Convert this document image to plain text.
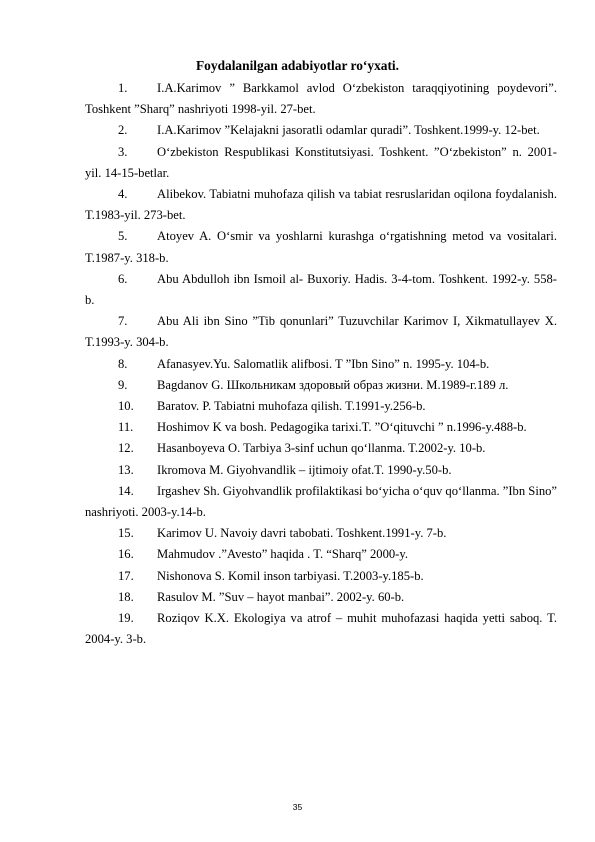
Foydalanilgan adabiyotlar ro‘yxati.
1. I.A.Karimov ” Barkkamol avlod O‘zbekiston taraqqiyotining poydevori”. Toshkent ”Sharq” nashriyoti 1998-yil. 27-bet.
2. I.A.Karimov ”Kelajakni jasoratli odamlar quradi”. Toshkent.1999-y. 12-bet.
3. O‘zbekiston Respublikasi Konstitutsiyasi. Toshkent. ”O‘zbekiston” n. 2001-yil. 14-15-betlar.
4. Alibekov. Tabiatni muhofaza qilish va tabiat resruslaridan oqilona foydalanish. T.1983-yil. 273-bet.
5. Atoyev A. O‘smir va yoshlarni kurashga o‘rgatishning metod va vositalari. T.1987-y. 318-b.
6. Abu Abdulloh ibn Ismoil al- Buxoriy. Hadis. 3-4-tom. Toshkent. 1992-y. 558-b.
7. Abu Ali ibn Sino ”Tib qonunlari” Tuzuvchilar Karimov I, Xikmatullayev X. T.1993-y. 304-b.
8. Afanasyev.Yu. Salomatlik alifbosi. T ”Ibn Sino” n. 1995-y. 104-b.
9. Bagdanov G. Школьникам здоровый образ жизни. M.1989-г.189 л.
10. Baratov. P. Tabiatni muhofaza qilish. T.1991-y.256-b.
11. Hoshimov K va bosh. Pedagogika tarixi.T. ”O‘qituvchi ” n.1996-y.488-b.
12. Hasanboyeva O. Tarbiya 3-sinf uchun qo‘llanma. T.2002-y. 10-b.
13. Ikromova M. Giyohvandlik – ijtimoiy ofat.T. 1990-y.50-b.
14. Irgashev Sh. Giyohvandlik profilaktikasi bo‘yicha o‘quv qo‘llanma. ”Ibn Sino” nashriyoti. 2003-y.14-b.
15. Karimov U. Navoiy davri tabobati. Toshkent.1991-y. 7-b.
16. Mahmudov .”Avesto” haqida . T. “Sharq” 2000-y.
17. Nishonova S. Komil inson tarbiyasi. T.2003-y.185-b.
18. Rasulov M. ”Suv – hayot manbai”. 2002-y. 60-b.
19. Roziqov K.X. Ekologiya va atrof – muhit muhofazasi haqida yetti saboq. T. 2004-y. 3-b.
35
